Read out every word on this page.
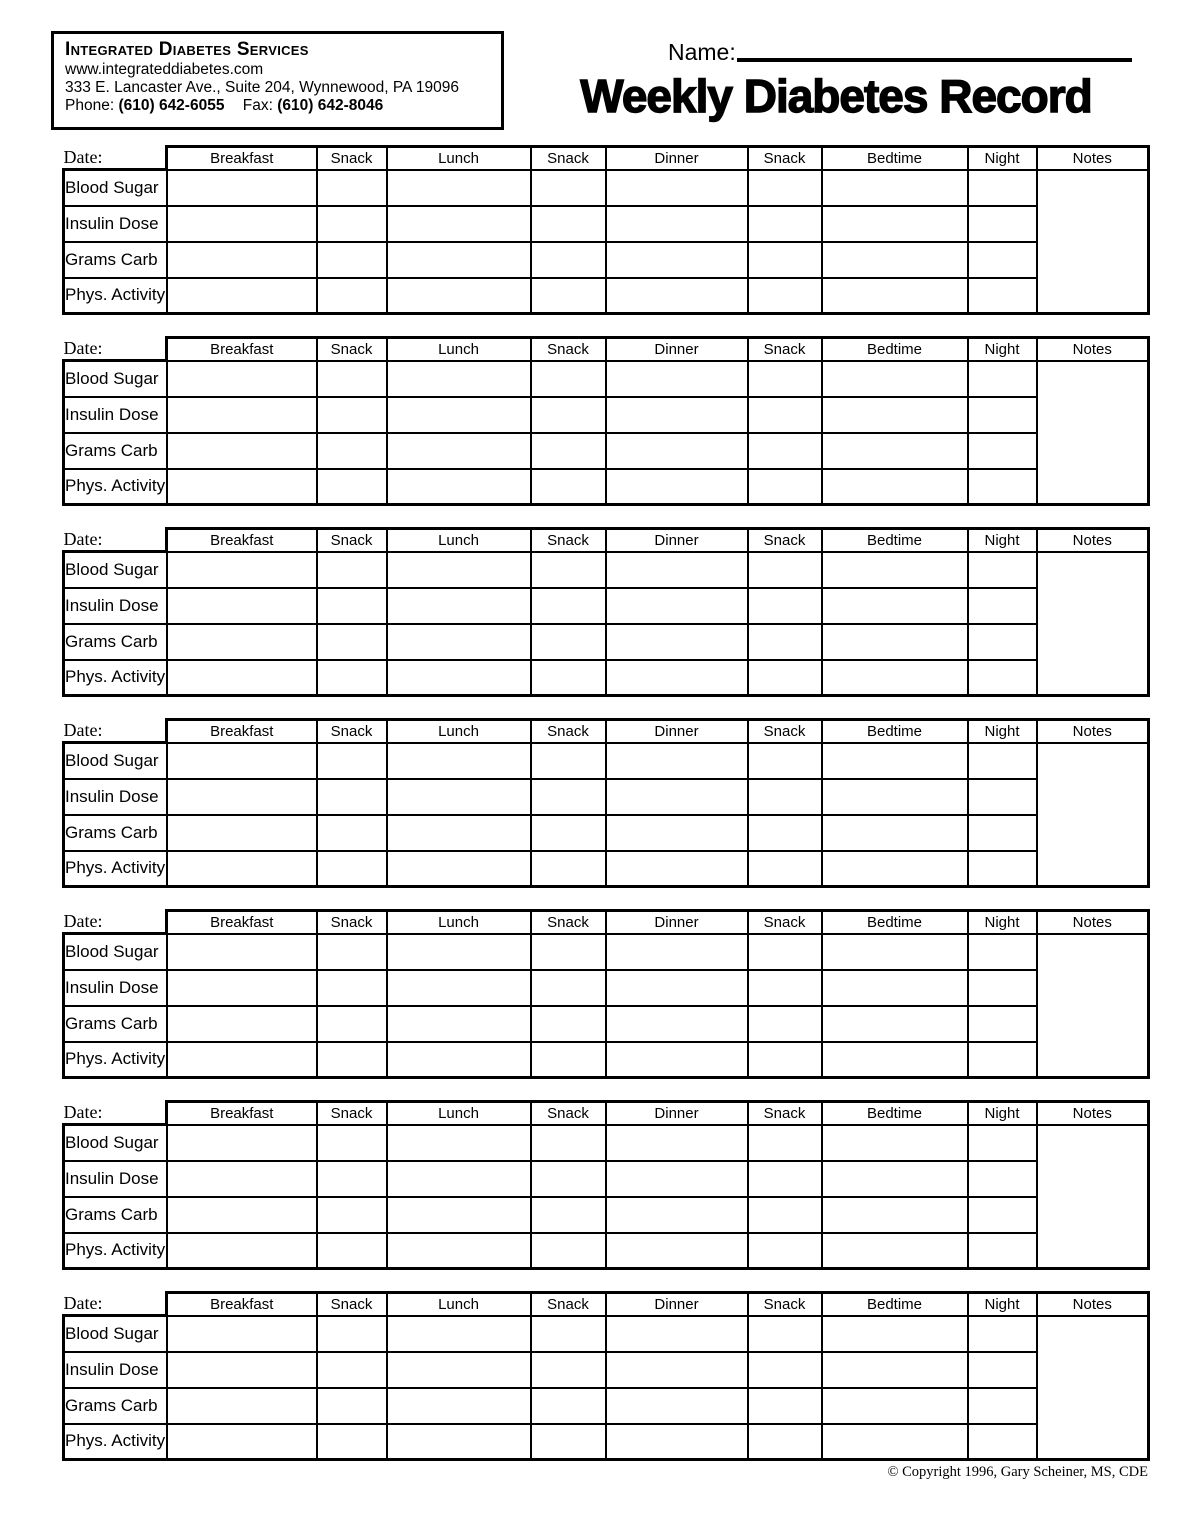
Integrated Diabetes Services
www.integrateddiabetes.com
333 E. Lancaster Ave., Suite 204, Wynnewood, PA 19096
Phone: (610) 642-6055 Fax: (610) 642-8046
Name:
Weekly Diabetes Record
Date:	Breakfast	Snack	Lunch	Snack	Dinner	Snack	Bedtime	Night	Notes
Blood Sugar									
Insulin Dose									
Grams Carb									
Phys. Activity									
Date:	Breakfast	Snack	Lunch	Snack	Dinner	Snack	Bedtime	Night	Notes
Blood Sugar									
Insulin Dose									
Grams Carb									
Phys. Activity									
Date:	Breakfast	Snack	Lunch	Snack	Dinner	Snack	Bedtime	Night	Notes
Blood Sugar									
Insulin Dose									
Grams Carb									
Phys. Activity									
Date:	Breakfast	Snack	Lunch	Snack	Dinner	Snack	Bedtime	Night	Notes
Blood Sugar									
Insulin Dose									
Grams Carb									
Phys. Activity									
Date:	Breakfast	Snack	Lunch	Snack	Dinner	Snack	Bedtime	Night	Notes
Blood Sugar									
Insulin Dose									
Grams Carb									
Phys. Activity									
Date:	Breakfast	Snack	Lunch	Snack	Dinner	Snack	Bedtime	Night	Notes
Blood Sugar									
Insulin Dose									
Grams Carb									
Phys. Activity									
Date:	Breakfast	Snack	Lunch	Snack	Dinner	Snack	Bedtime	Night	Notes
Blood Sugar									
Insulin Dose									
Grams Carb									
Phys. Activity									
© Copyright 1996, Gary Scheiner, MS, CDE
